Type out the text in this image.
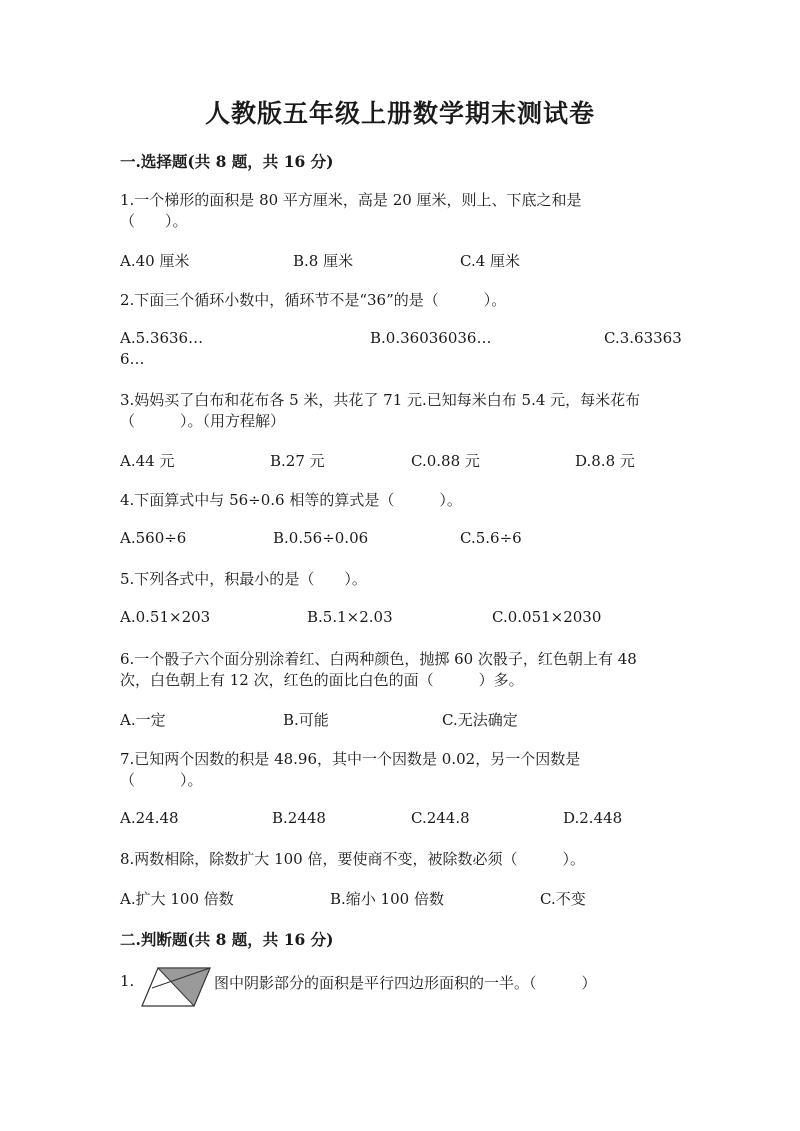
人教版五年级上册数学期末测试卷
一.选择题(共 8 题，共 16 分)
1.一个梯形的面积是 80 平方厘米，高是 20 厘米，则上、下底之和是
（　　）。
A.40 厘米	B.8 厘米	C.4 厘米
2.下面三个循环小数中，循环节不是“36”的是（　　　）。
A.5.3636…	B.0.36036036…	C.3.63363
6…
3.妈妈买了白布和花布各 5 米，共花了 71 元.已知每米白布 5.4 元，每米花布
（　　　）。（用方程解）
A.44 元	B.27 元	C.0.88 元	D.8.8 元
4.下面算式中与 56÷0.6 相等的算式是（　　　）。
A.560÷6	B.0.56÷0.06	C.5.6÷6
5.下列各式中，积最小的是（　　）。
A.0.51×203	B.5.1×2.03	C.0.051×2030
6.一个骰子六个面分别涂着红、白两种颜色，抛掷 60 次骰子，红色朝上有 48
次，白色朝上有 12 次，红色的面比白色的面（　　　）多。
A.一定	B.可能	C.无法确定
7.已知两个因数的积是 48.96，其中一个因数是 0.02，另一个因数是
（　　　）。
A.24.48	B.2448	C.244.8	D.2.448
8.两数相除，除数扩大 100 倍，要使商不变，被除数必须（　　　）。
A.扩大 100 倍数	B.缩小 100 倍数	C.不变
二.判断题(共 8 题，共 16 分)
1.	图中阴影部分的面积是平行四边形面积的一半。（　　　）
